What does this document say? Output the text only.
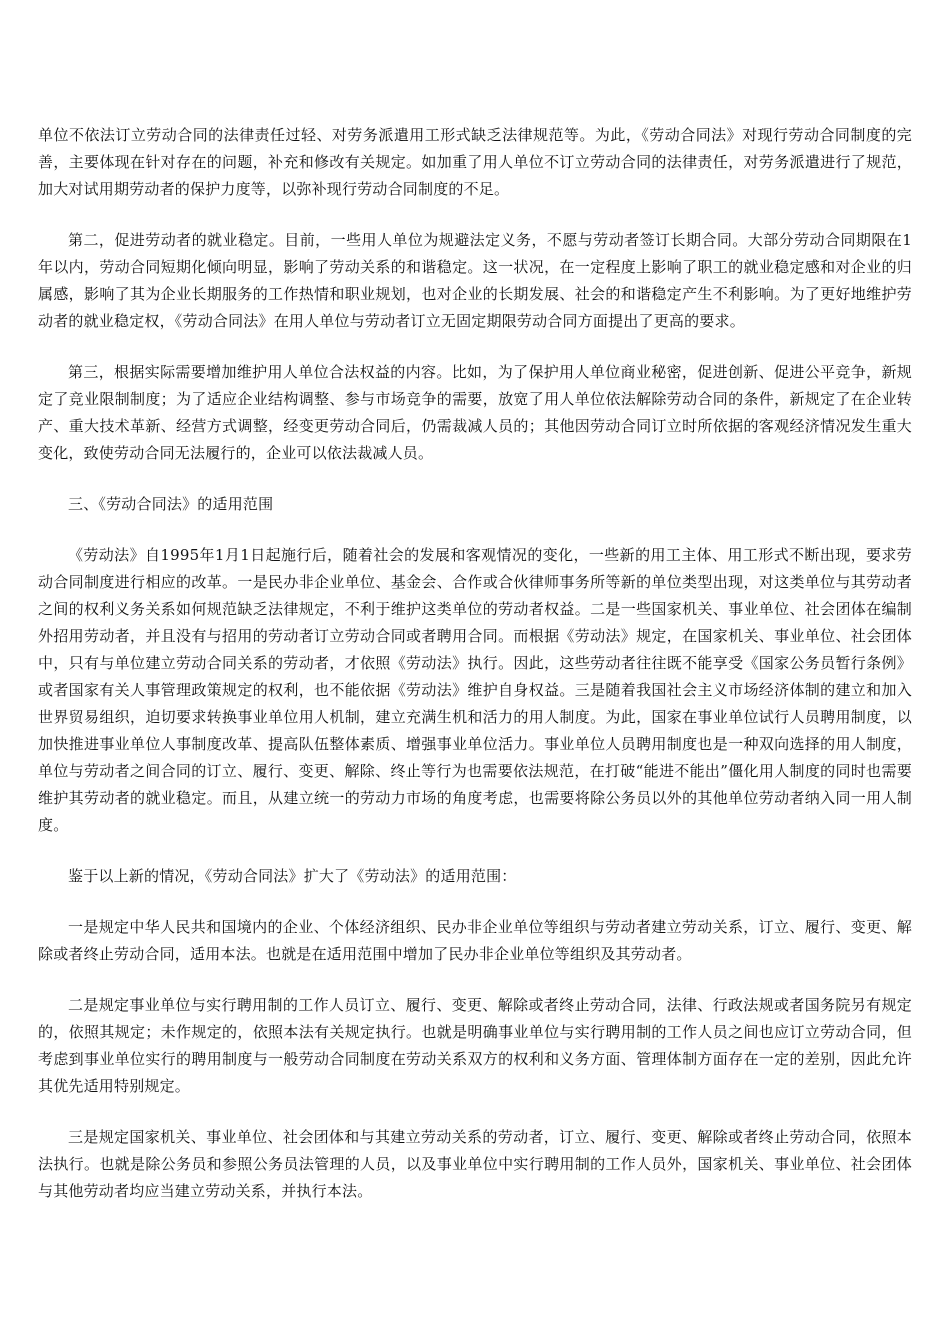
单位不依法订立劳动合同的法律责任过轻、对劳务派遣用工形式缺乏法律规范等。为此，《劳动合同法》对现行劳动合同制度的完善，主要体现在针对存在的问题，补充和修改有关规定。如加重了用人单位不订立劳动合同的法律责任，对劳务派遣进行了规范，加大对试用期劳动者的保护力度等，以弥补现行劳动合同制度的不足。

第二，促进劳动者的就业稳定。目前，一些用人单位为规避法定义务，不愿与劳动者签订长期合同。大部分劳动合同期限在1年以内，劳动合同短期化倾向明显，影响了劳动关系的和谐稳定。这一状况，在一定程度上影响了职工的就业稳定感和对企业的归属感，影响了其为企业长期服务的工作热情和职业规划，也对企业的长期发展、社会的和谐稳定产生不利影响。为了更好地维护劳动者的就业稳定权，《劳动合同法》在用人单位与劳动者订立无固定期限劳动合同方面提出了更高的要求。

第三，根据实际需要增加维护用人单位合法权益的内容。比如，为了保护用人单位商业秘密，促进创新、促进公平竞争，新规定了竞业限制制度；为了适应企业结构调整、参与市场竞争的需要，放宽了用人单位依法解除劳动合同的条件，新规定了在企业转产、重大技术革新、经营方式调整，经变更劳动合同后，仍需裁减人员的；其他因劳动合同订立时所依据的客观经济情况发生重大变化，致使劳动合同无法履行的，企业可以依法裁减人员。

三、《劳动合同法》的适用范围

《劳动法》自1995年1月1日起施行后，随着社会的发展和客观情况的变化，一些新的用工主体、用工形式不断出现，要求劳动合同制度进行相应的改革。一是民办非企业单位、基金会、合作或合伙律师事务所等新的单位类型出现，对这类单位与其劳动者之间的权利义务关系如何规范缺乏法律规定，不利于维护这类单位的劳动者权益。二是一些国家机关、事业单位、社会团体在编制外招用劳动者，并且没有与招用的劳动者订立劳动合同或者聘用合同。而根据《劳动法》规定，在国家机关、事业单位、社会团体中，只有与单位建立劳动合同关系的劳动者，才依照《劳动法》执行。因此，这些劳动者往往既不能享受《国家公务员暂行条例》或者国家有关人事管理政策规定的权利，也不能依据《劳动法》维护自身权益。三是随着我国社会主义市场经济体制的建立和加入世界贸易组织，迫切要求转换事业单位用人机制，建立充满生机和活力的用人制度。为此，国家在事业单位试行人员聘用制度，以加快推进事业单位人事制度改革、提高队伍整体素质、增强事业单位活力。事业单位人员聘用制度也是一种双向选择的用人制度，单位与劳动者之间合同的订立、履行、变更、解除、终止等行为也需要依法规范，在打破“能进不能出”僵化用人制度的同时也需要维护其劳动者的就业稳定。而且，从建立统一的劳动力市场的角度考虑，也需要将除公务员以外的其他单位劳动者纳入同一用人制度。

鉴于以上新的情况，《劳动合同法》扩大了《劳动法》的适用范围：

一是规定中华人民共和国境内的企业、个体经济组织、民办非企业单位等组织与劳动者建立劳动关系，订立、履行、变更、解除或者终止劳动合同，适用本法。也就是在适用范围中增加了民办非企业单位等组织及其劳动者。

二是规定事业单位与实行聘用制的工作人员订立、履行、变更、解除或者终止劳动合同，法律、行政法规或者国务院另有规定的，依照其规定；未作规定的，依照本法有关规定执行。也就是明确事业单位与实行聘用制的工作人员之间也应订立劳动合同，但考虑到事业单位实行的聘用制度与一般劳动合同制度在劳动关系双方的权利和义务方面、管理体制方面存在一定的差别，因此允许其优先适用特别规定。

三是规定国家机关、事业单位、社会团体和与其建立劳动关系的劳动者，订立、履行、变更、解除或者终止劳动合同，依照本法执行。也就是除公务员和参照公务员法管理的人员，以及事业单位中实行聘用制的工作人员外，国家机关、事业单位、社会团体与其他劳动者均应当建立劳动关系，并执行本法。
